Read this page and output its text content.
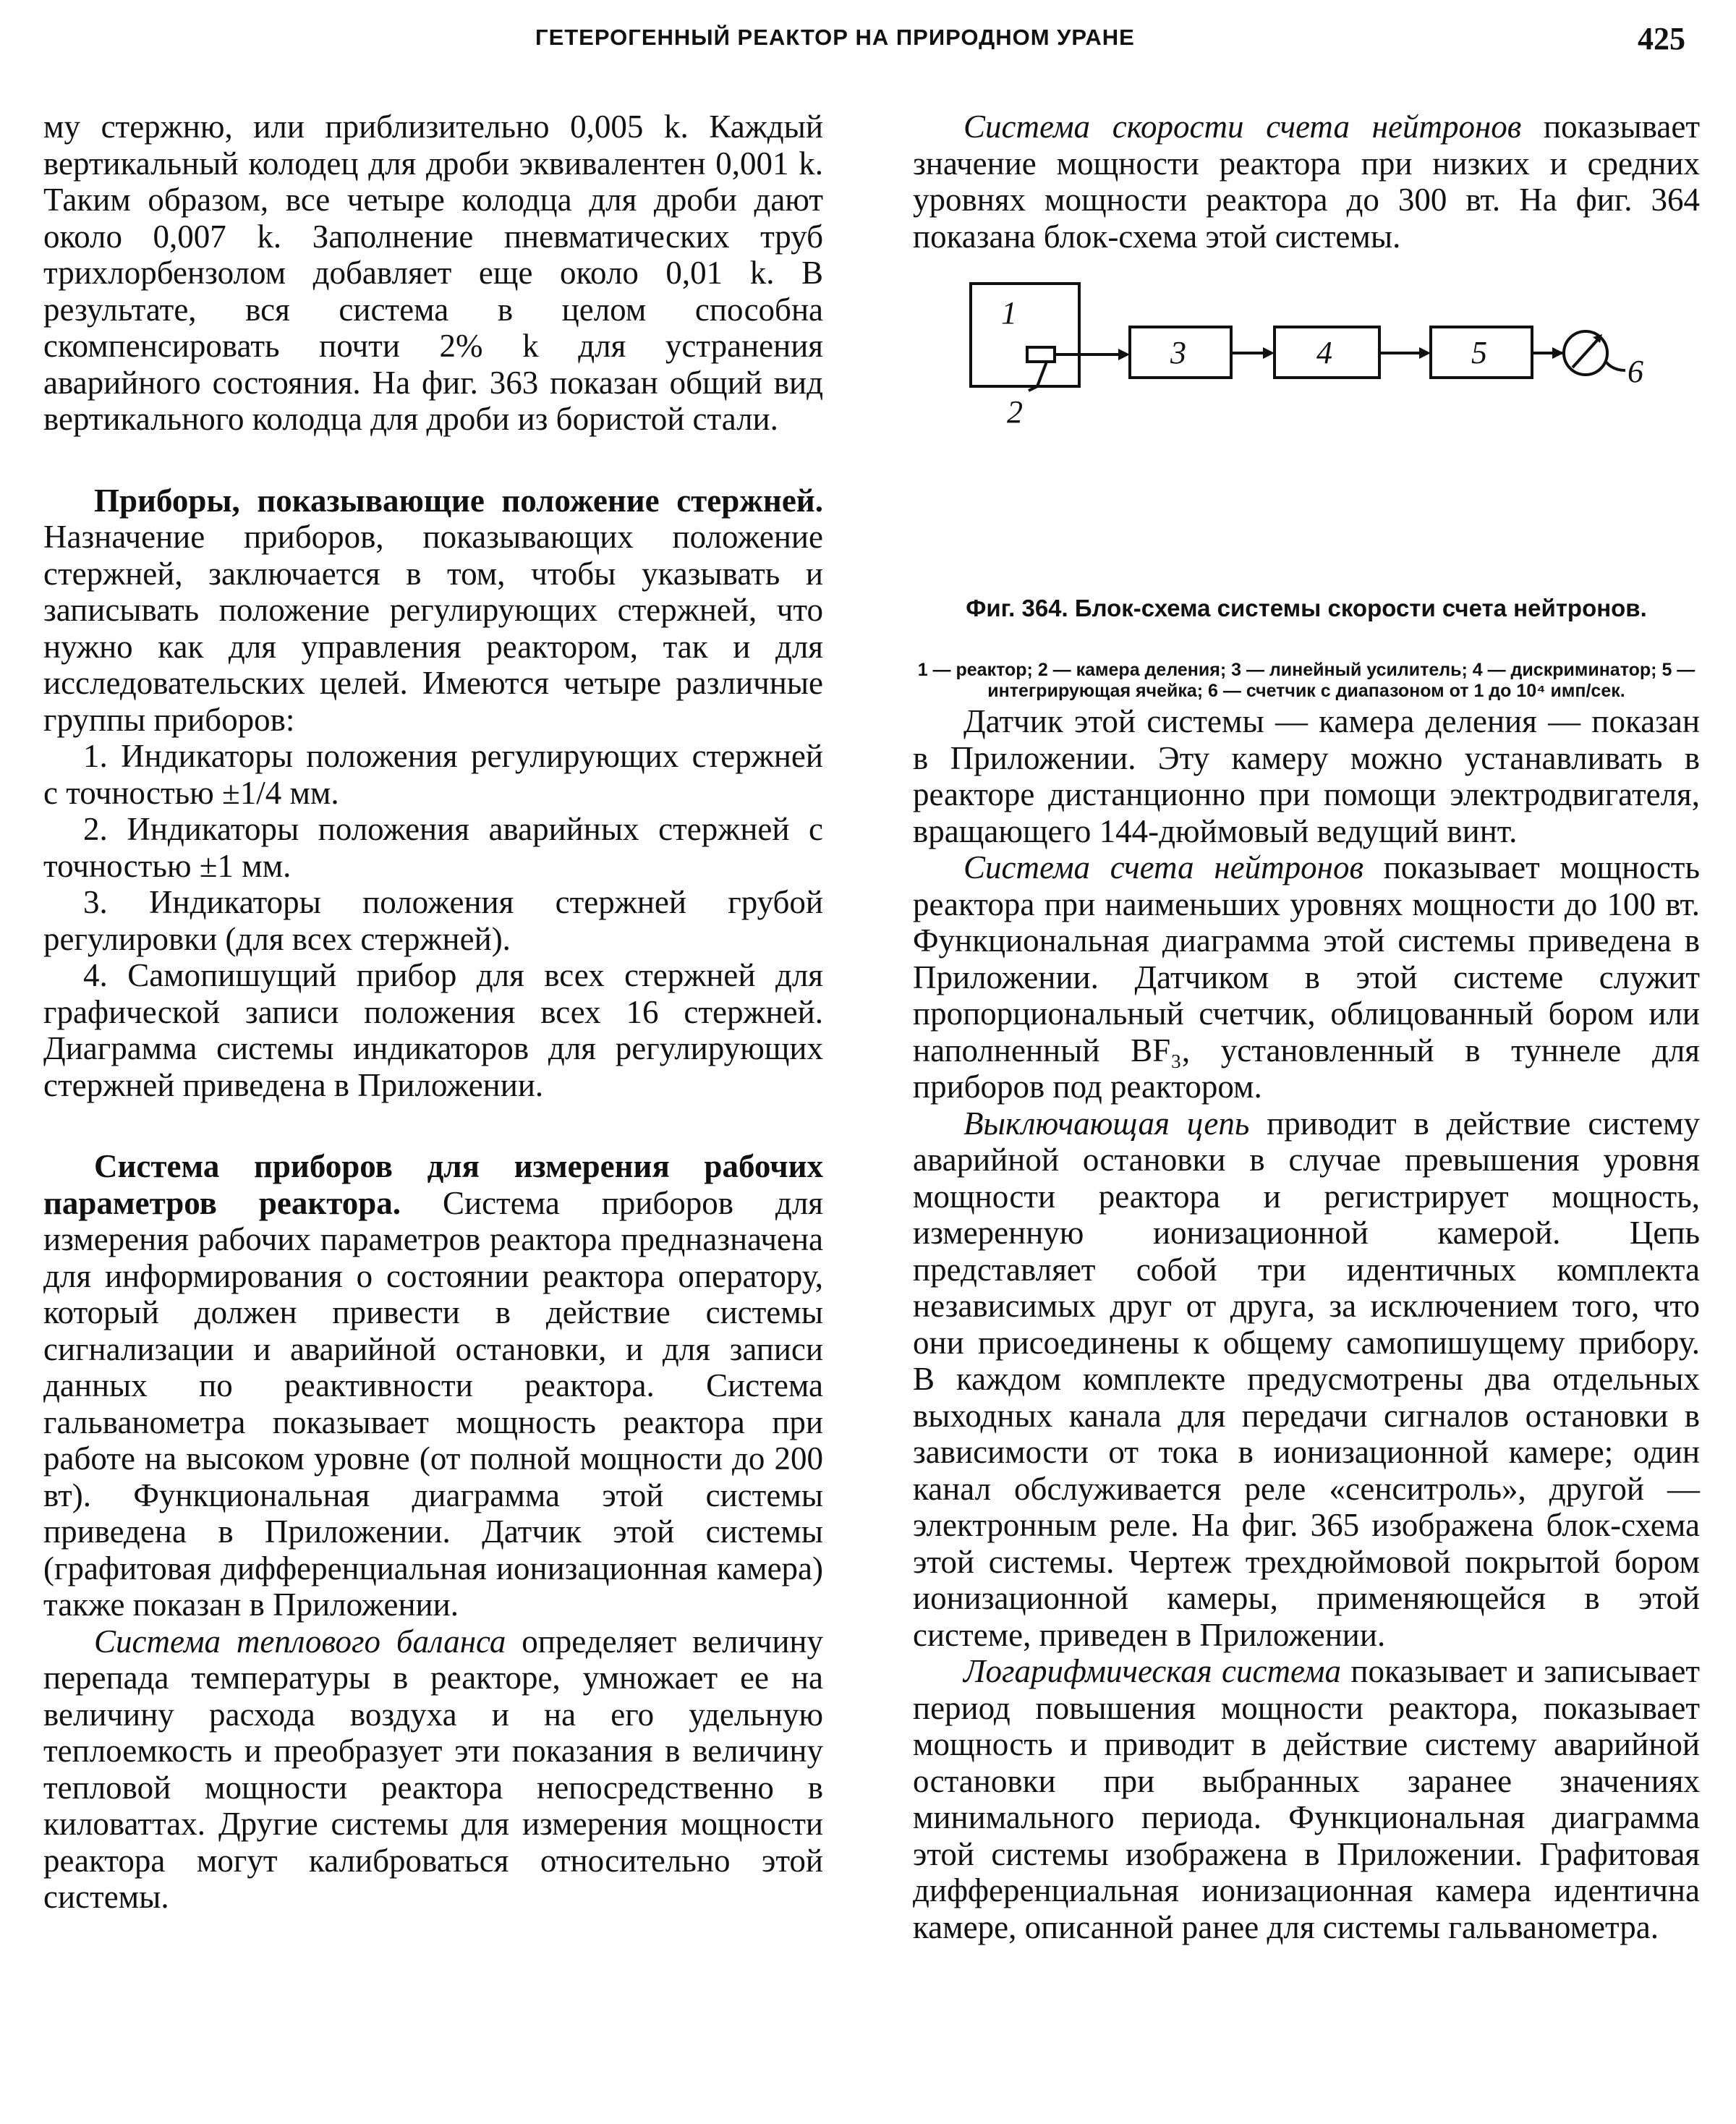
ГЕТЕРОГЕННЫЙ РЕАКТОР НА ПРИРОДНОМ УРАНЕ	425

му стержню, или приблизительно 0,005 k. Каждый вертикальный колодец для дроби эквивалентен 0,001 k. Таким образом, все четыре колодца для дроби дают около 0,007 k. Заполнение пневматических труб трихлорбензолом добавляет еще около 0,01 k. В результате, вся система в целом способна скомпенсировать почти 2% k для устранения аварийного состояния. На фиг. 363 показан общий вид вертикального колодца для дроби из бористой стали.

Приборы, показывающие положение стержней. Назначение приборов, показывающих положение стержней, заключается в том, чтобы указывать и записывать положение регулирующих стержней, что нужно как для управления реактором, так и для исследовательских целей. Имеются четыре различные группы приборов:

1. Индикаторы положения регулирующих стержней с точностью ±1/4 мм.

2. Индикаторы положения аварийных стержней с точностью ±1 мм.

3. Индикаторы положения стержней грубой регулировки (для всех стержней).

4. Самопишущий прибор для всех стержней для графической записи положения всех 16 стержней. Диаграмма системы индикаторов для регулирующих стержней приведена в Приложении.

Система приборов для измерения рабочих параметров реактора. Система приборов для измерения рабочих параметров реактора предназначена для информирования о состоянии реактора оператору, который должен привести в действие системы сигнализации и аварийной остановки, и для записи данных по реактивности реактора. Система гальванометра показывает мощность реактора при работе на высоком уровне (от полной мощности до 200 вт). Функциональная диаграмма этой системы приведена в Приложении. Датчик этой системы (графитовая дифференциальная ионизационная камера) также показан в Приложении.

Система теплового баланса определяет величину перепада температуры в реакторе, умножает ее на величину расхода воздуха и на его удельную теплоемкость и преобразует эти показания в величину тепловой мощности реактора непосредственно в киловаттах. Другие системы для измерения мощности реактора могут калиброваться относительно этой системы.

Система скорости счета нейтронов показывает значение мощности реактора при низких и средних уровнях мощности реактора до 300 вт. На фиг. 364 показана блок-схема этой системы.

1
2
3	4	5
6
Фиг. 364. Блок-схема системы скорости счета нейтронов.
1 — реактор; 2 — камера деления; 3 — линейный усилитель; 4 — дискриминатор; 5 — интегрирующая ячейка; 6 — счетчик с диапазоном от 1 до 10⁴ имп/сек.

Датчик этой системы — камера деления — показан в Приложении. Эту камеру можно устанавливать в реакторе дистанционно при помощи электродвигателя, вращающего 144-дюймовый ведущий винт.

Система счета нейтронов показывает мощность реактора при наименьших уровнях мощности до 100 вт. Функциональная диаграмма этой системы приведена в Приложении. Датчиком в этой системе служит пропорциональный счетчик, облицованный бором или наполненный BF₃, установленный в туннеле для приборов под реактором.

Выключающая цепь приводит в действие систему аварийной остановки в случае превышения уровня мощности реактора и регистрирует мощность, измеренную ионизационной камерой. Цепь представляет собой три идентичных комплекта независимых друг от друга, за исключением того, что они присоединены к общему самопишущему прибору. В каждом комплекте предусмотрены два отдельных выходных канала для передачи сигналов остановки в зависимости от тока в ионизационной камере; один канал обслуживается реле «сенситроль», другой — электронным реле. На фиг. 365 изображена блок-схема этой системы. Чертеж трехдюймовой покрытой бором ионизационной камеры, применяющейся в этой системе, приведен в Приложении.

Логарифмическая система показывает и записывает период повышения мощности реактора, показывает мощность и приводит в действие систему аварийной остановки при выбранных заранее значениях минимального периода. Функциональная диаграмма этой системы изображена в Приложении. Графитовая дифференциальная ионизационная камера идентична камере, описанной ранее для системы гальванометра.
